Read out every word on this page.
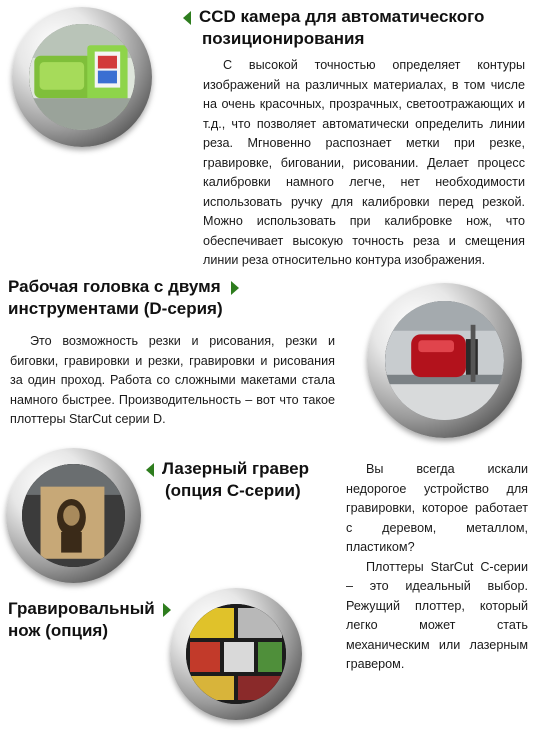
CCD камера для автоматического
позиционирования

С высокой точностью определяет контуры изображений на различных материалах, в том числе на очень красочных, прозрачных, светоотражающих и т.д., что позволяет автоматически определить линии реза. Мгновенно распознает метки при резке, гравировке, биговании, рисовании. Делает процесс калибровки намного легче, нет необходимости использовать ручку для калибровки перед резкой. Можно использовать при калибровке нож, что обеспечивает высокую точность реза и смещения линии реза относительно контура изображения.

Рабочая головка с двумя
инструментами (D-серия)

Это возможность резки и рисования, резки и биговки, гравировки и резки, гравировки и рисования за один проход. Работа со сложными макетами стала намного быстрее. Производительность – вот что такое плоттеры StarCut серии D.

Лазерный гравер
(опция С-серии)

Вы всегда искали недорогое устройство для гравировки, которое работает с деревом, металлом, пластиком?

Плоттеры StarCut C-серии – это идеальный выбор. Режущий плоттер, который легко может стать механическим или лазерным гравером.

Гравировальный
нож (опция)
